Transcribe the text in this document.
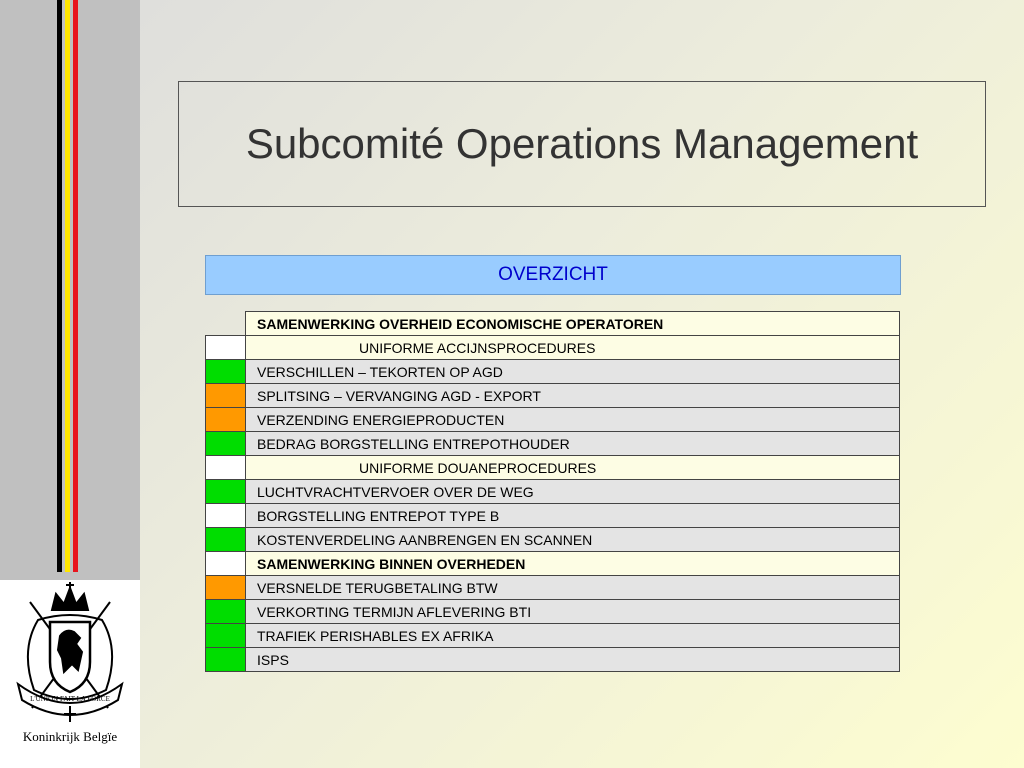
L'UNION FAIT LA FORCE
Koninkrijk Belgïe
Subcomité Operations Management
OVERZICHT
	SAMENWERKING OVERHEID ECONOMISCHE OPERATOREN
	UNIFORME ACCIJNSPROCEDURES
	VERSCHILLEN – TEKORTEN OP AGD
	SPLITSING – VERVANGING AGD - EXPORT
	VERZENDING ENERGIEPRODUCTEN
	BEDRAG BORGSTELLING ENTREPOTHOUDER
	UNIFORME DOUANEPROCEDURES
	LUCHTVRACHTVERVOER OVER DE WEG
	BORGSTELLING ENTREPOT TYPE B
	KOSTENVERDELING AANBRENGEN EN SCANNEN
	SAMENWERKING BINNEN OVERHEDEN
	VERSNELDE TERUGBETALING BTW
	VERKORTING TERMIJN AFLEVERING BTI
	TRAFIEK PERISHABLES EX AFRIKA
	ISPS
